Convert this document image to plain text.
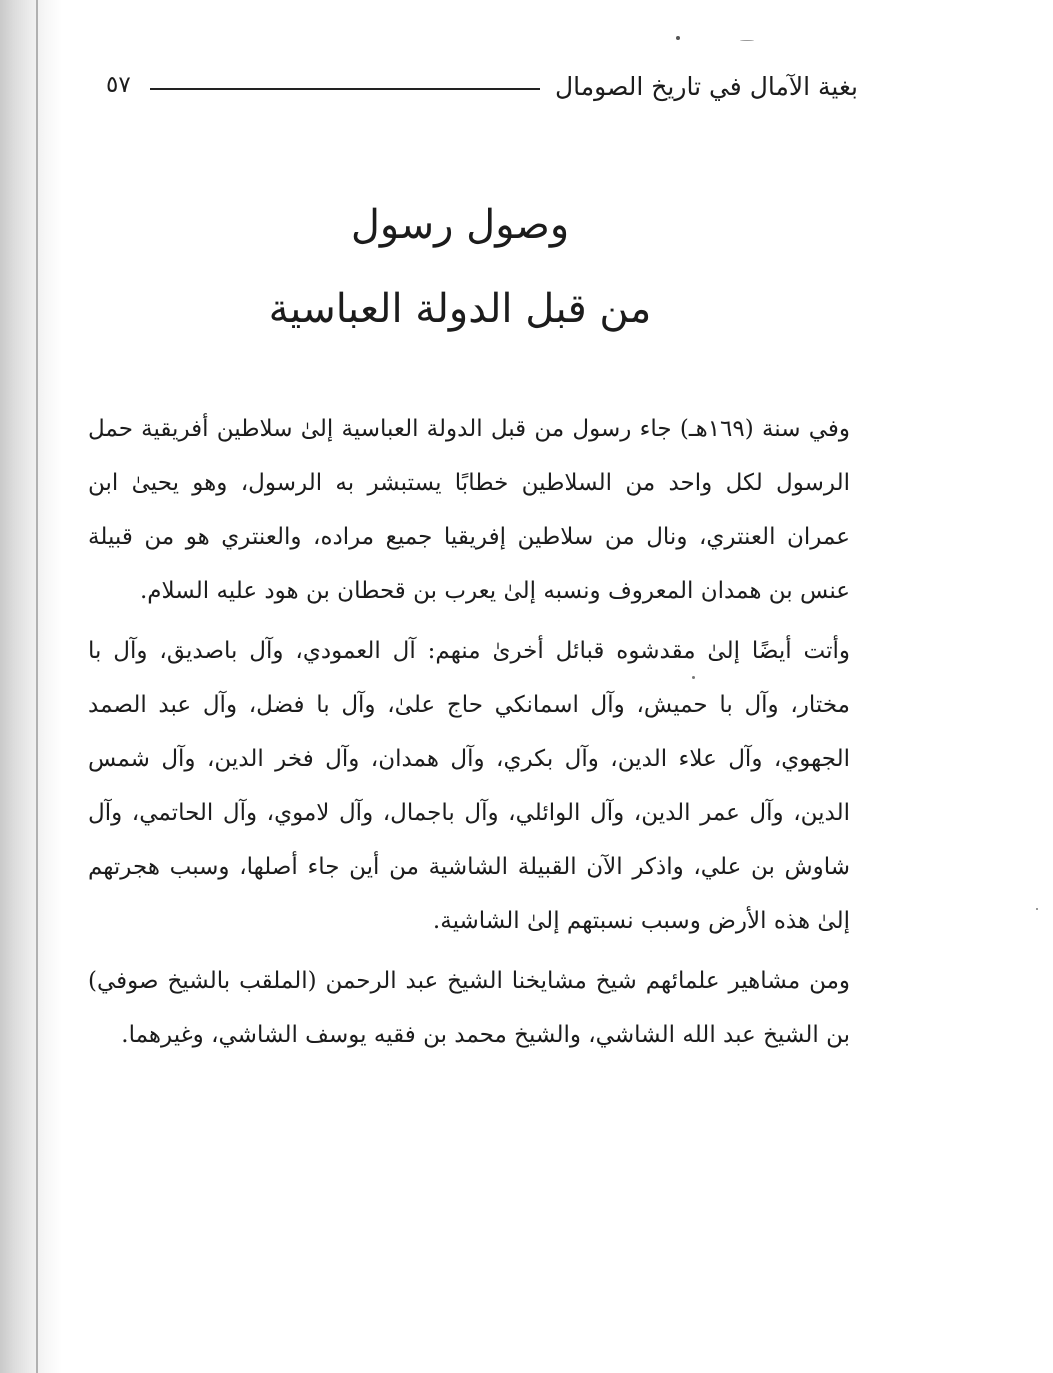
بغية الآمال في تاريخ الصومال
٥٧
وصول رسول
من قبل الدولة العباسية

وفي سنة (١٦٩هـ) جاء رسول من قبل الدولة العباسية إلىٰ سلاطين أفريقية حمل الرسول لكل واحد من السلاطين خطابًا يستبشر به الرسول، وهو يحيىٰ ابن عمران العنتري، ونال من سلاطين إفريقيا جميع مراده، والعنتري هو من قبيلة عنس بن همدان المعروف ونسبه إلىٰ يعرب بن قحطان بن هود عليه السلام.

وأتت أيضًا إلىٰ مقدشوه قبائل أخرىٰ منهم: آل العمودي، وآل باصديق، وآل با مختار، وآل با حميش، وآل اسمانكي حاج علىٰ، وآل با فضل، وآل عبد الصمد الجهوي، وآل علاء الدين، وآل بكري، وآل همدان، وآل فخر الدين، وآل شمس الدين، وآل عمر الدين، وآل الوائلي، وآل باجمال، وآل لاموي، وآل الحاتمي، وآل شاوش بن علي، واذكر الآن القبيلة الشاشية من أين جاء أصلها، وسبب هجرتهم إلىٰ هذه الأرض وسبب نسبتهم إلىٰ الشاشية.

ومن مشاهير علمائهم شيخ مشايخنا الشيخ عبد الرحمن (الملقب بالشيخ صوفي) بن الشيخ عبد الله الشاشي، والشيخ محمد بن فقيه يوسف الشاشي، وغيرهما.
